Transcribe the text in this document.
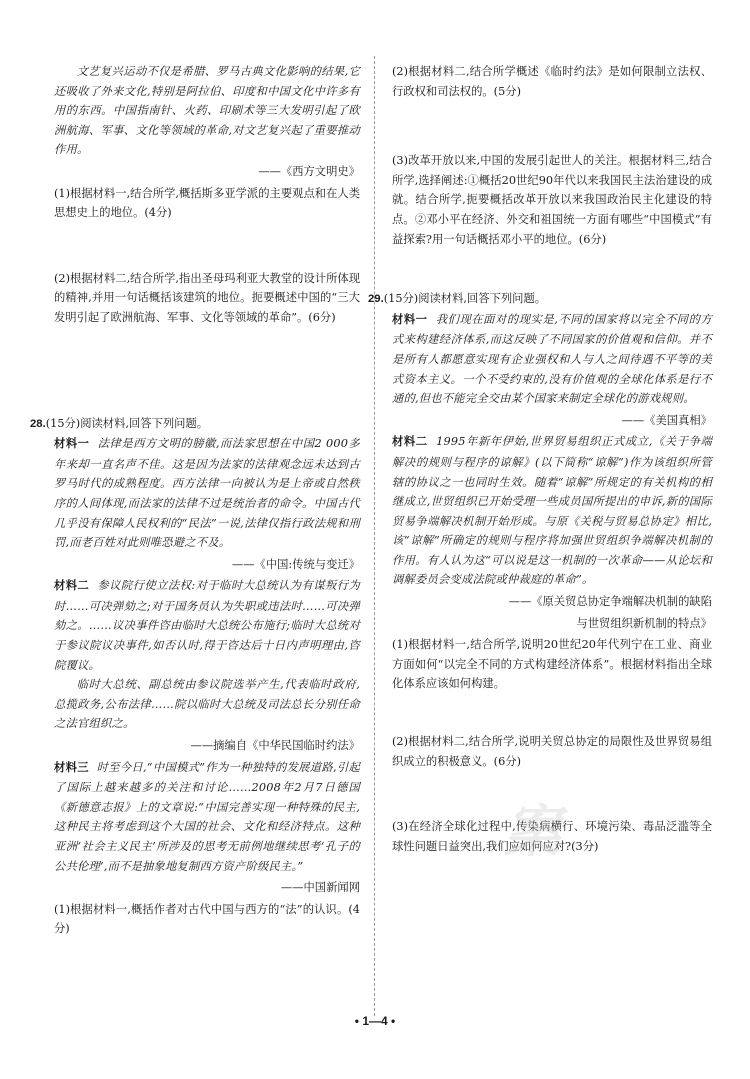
文艺复兴运动不仅是希腊、罗马古典文化影响的结果,它还吸收了外来文化,特别是阿拉伯、印度和中国文化中许多有用的东西。中国指南针、火药、印刷术等三大发明引起了欧洲航海、军事、文化等领域的革命,对文艺复兴起了重要推动作用。

——《西方文明史》

(1)根据材料一,结合所学,概括斯多亚学派的主要观点和在人类思想史上的地位。(4分)

(2)根据材料二,结合所学,指出圣母玛利亚大教堂的设计所体现的精神,并用一句话概括该建筑的地位。扼要概述中国的“三大发明引起了欧洲航海、军事、文化等领域的革命”。(6分)

28.(15分)阅读材料,回答下列问题。

材料一 法律是西方文明的膀徽,而法家思想在中国2 000多年来却一直名声不佳。这是因为法家的法律观念远未达到古罗马时代的成熟程度。西方法律一向被认为是上帝或自然秩序的人间体现,而法家的法律不过是统治者的命令。中国古代几乎没有保障人民权利的“民法”一说,法律仅指行政法规和刑罚,而老百姓对此则唯恐避之不及。

——《中国:传统与变迁》

材料二 参议院行使立法权:对于临时大总统认为有谋叛行为时……可决弹劾之;对于国务员认为失职或违法时……可决弹劾之。……议决事件咨由临时大总统公布施行;临时大总统对于参议院议决事件,如否认时,得于咨达后十日内声明理由,咨院覆议。

临时大总统、副总统由参议院选举产生,代表临时政府,总揽政务,公布法律……院以临时大总统及司法总长分别任命之法官组织之。

——摘编自《中华民国临时约法》

材料三 时至今日,“中国模式”作为一种独特的发展道路,引起了国际上越来越多的关注和讨论……2008年2月7日德国《新德意志报》上的文章说:“中国完善实现一种特殊的民主,这种民主将考虑到这个大国的社会、文化和经济特点。这种亚洲‘社会主义民主’所涉及的思考无前例地继续思考‘孔子的公共伦理’,而不是抽象地复制西方资产阶级民主。”

——中国新闻网

(1)根据材料一,概括作者对古代中国与西方的“法”的认识。(4分)

(2)根据材料二,结合所学概述《临时约法》是如何限制立法权、行政权和司法权的。(5分)

(3)改革开放以来,中国的发展引起世人的关注。根据材料三,结合所学,选择阐述:①概括20世纪90年代以来我国民主法治建设的成就。结合所学,扼要概括改革开放以来我国政治民主化建设的特点。②邓小平在经济、外交和祖国统一方面有哪些“中国模式”有益探索?用一句话概括邓小平的地位。(6分)

29.(15分)阅读材料,回答下列问题。

材料一 我们现在面对的现实是,不同的国家将以完全不同的方式来构建经济体系,而这反映了不同国家的价值观和信仰。并不是所有人都愿意实现有企业强权和人与人之间待遇不平等的美式资本主义。一个不受约束的,没有价值观的全球化体系是行不通的,但也不能完全交由某个国家来制定全球化的游戏规则。

——《美国真相》

材料二 1995年新年伊始,世界贸易组织正式成立,《关于争端解决的规则与程序的谅解》(以下简称“谅解”)作为该组织所管辖的协议之一也同时生效。随着“谅解”所规定的有关机构的相继成立,世贸组织已开始受理一些成员国所提出的申诉,新的国际贸易争端解决机制开始形成。与原《关税与贸易总协定》相比,该“谅解”所确定的规则与程序将加强世贸组织争端解决机制的作用。有人认为这“可以说是这一机制的一次革命——从论坛和调解委员会变成法院或仲裁庭的革命”。

——《原关贸总协定争端解决机制的缺陷

与世贸组织新机制的特点》

(1)根据材料一,结合所学,说明20世纪20年代列宁在工业、商业方面如何“以完全不同的方式构建经济体系”。根据材料指出全球化体系应该如何构建。

(2)根据材料二,结合所学,说明关贸总协定的局限性及世界贸易组织成立的积极意义。(6分)

(3)在经济全球化过程中,传染病横行、环境污染、毒品泛滥等全球性问题日益突出,我们应如何应对?(3分)

案
• 1—4 •
